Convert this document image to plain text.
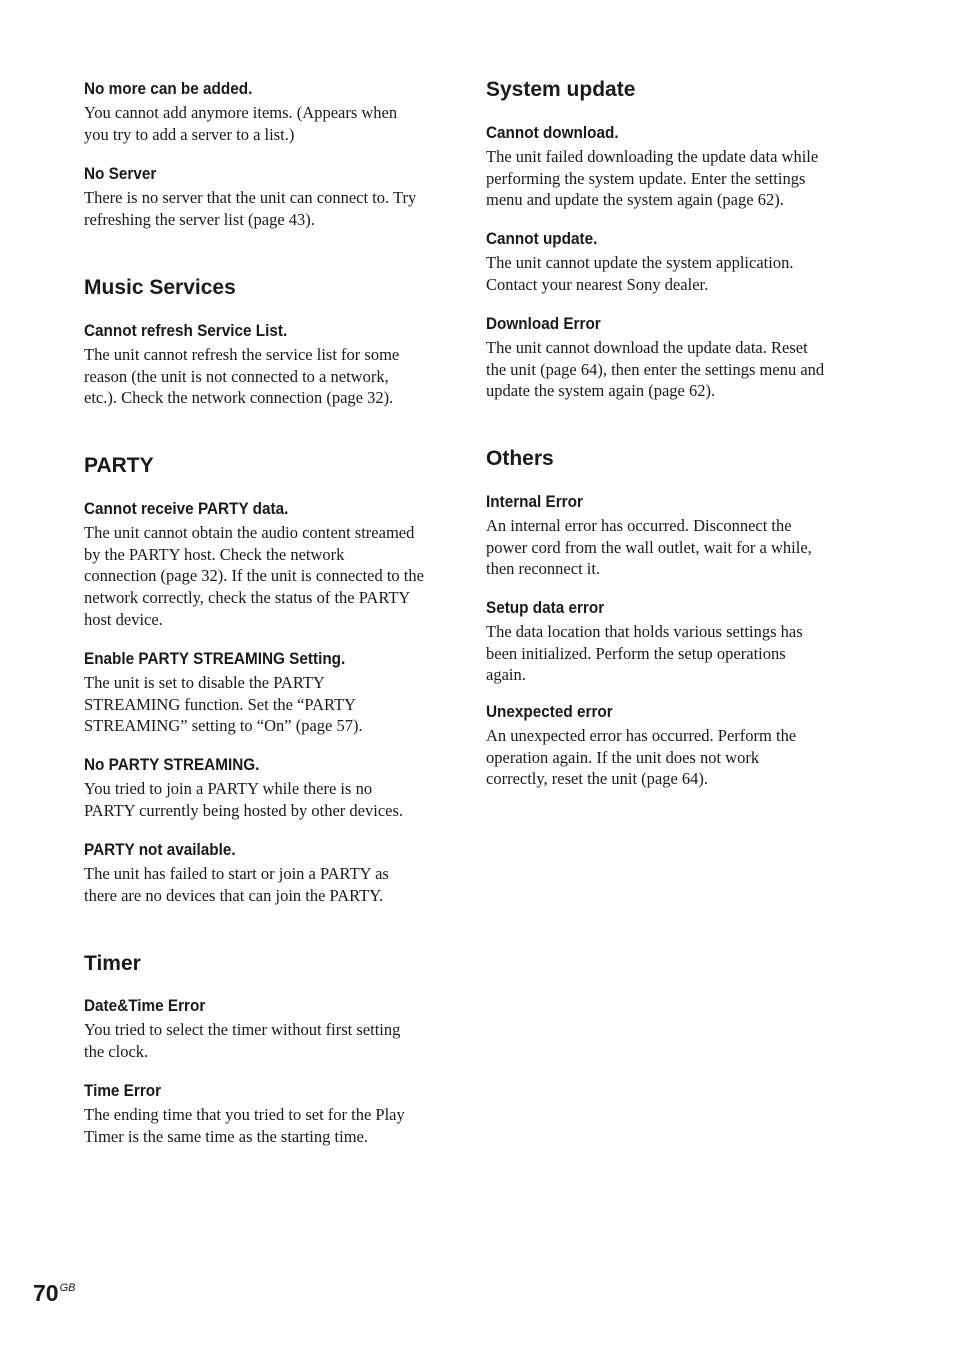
No more can be added.

You cannot add anymore items. (Appears when
you try to add a server to a list.)

No Server

There is no server that the unit can connect to. Try
refreshing the server list (page 43).

Music Services

Cannot refresh Service List.

The unit cannot refresh the service list for some
reason (the unit is not connected to a network,
etc.). Check the network connection (page 32).

PARTY

Cannot receive PARTY data.

The unit cannot obtain the audio content streamed
by the PARTY host. Check the network
connection (page 32). If the unit is connected to the
network correctly, check the status of the PARTY
host device.

Enable PARTY STREAMING Setting.

The unit is set to disable the PARTY
STREAMING function. Set the “PARTY
STREAMING” setting to “On” (page 57).

No PARTY STREAMING.

You tried to join a PARTY while there is no
PARTY currently being hosted by other devices.

PARTY not available.

The unit has failed to start or join a PARTY as
there are no devices that can join the PARTY.

Timer

Date&Time Error

You tried to select the timer without first setting
the clock.

Time Error

The ending time that you tried to set for the Play
Timer is the same time as the starting time.

System update

Cannot download.

The unit failed downloading the update data while
performing the system update. Enter the settings
menu and update the system again (page 62).

Cannot update.

The unit cannot update the system application.
Contact your nearest Sony dealer.

Download Error

The unit cannot download the update data. Reset
the unit (page 64), then enter the settings menu and
update the system again (page 62).

Others

Internal Error

An internal error has occurred. Disconnect the
power cord from the wall outlet, wait for a while,
then reconnect it.

Setup data error

The data location that holds various settings has
been initialized. Perform the setup operations
again.

Unexpected error

An unexpected error has occurred. Perform the
operation again. If the unit does not work
correctly, reset the unit (page 64).

$70^{GB}$
